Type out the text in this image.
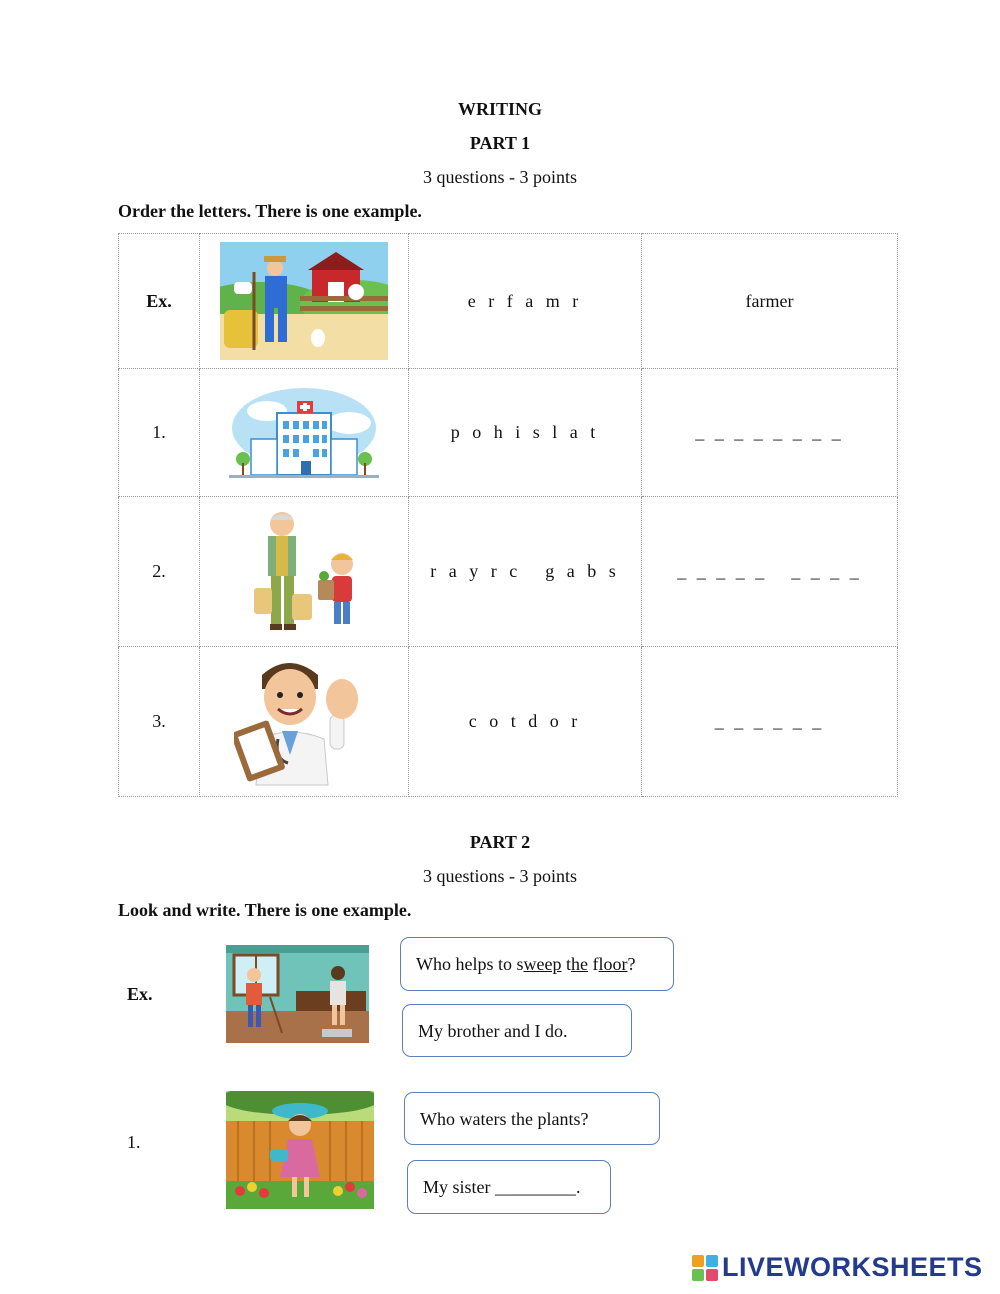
WRITING
PART 1
3 questions - 3 points
Order the letters. There is one example.
Ex.		e r f a m r	farmer
1.		p o h i s l a t	_ _ _ _ _ _ _ _
2.		r a y r c g a b s	_ _ _ _ _ _ _ _ _
3.		c o t d o r	_ _ _ _ _ _
PART 2
3 questions - 3 points
Look and write. There is one example.
Ex.
Who helps to sweep the floor?
My brother and I do.
1.
Who waters the plants?
My sister _________.
LIVEWORKSHEETS
